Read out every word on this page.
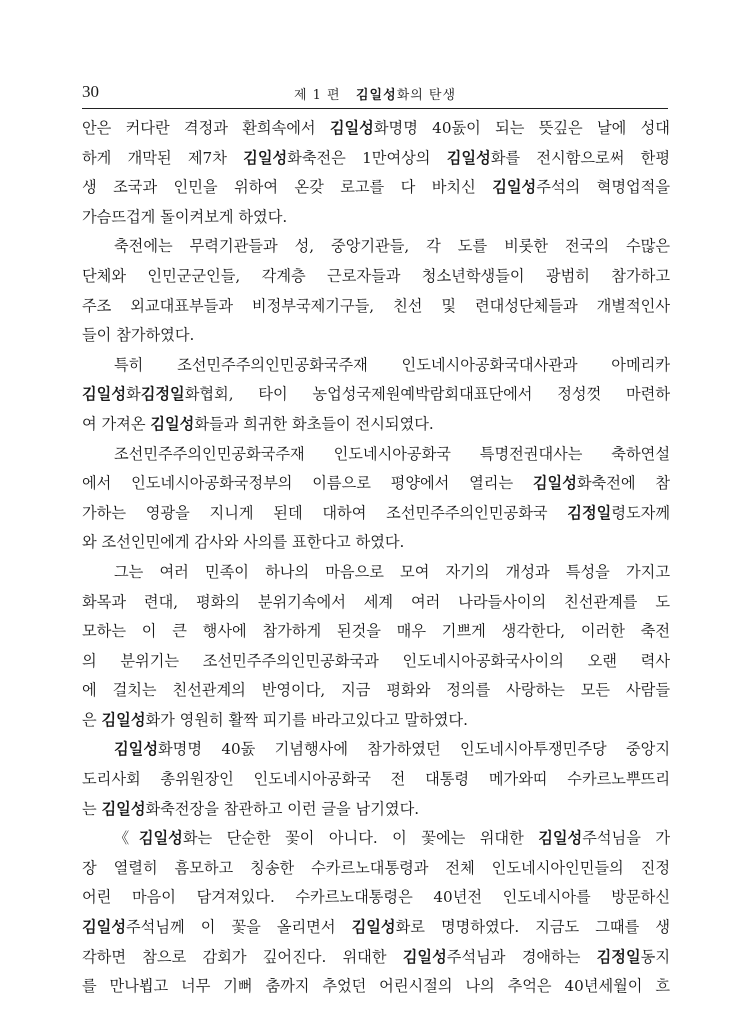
30	제 1 편 김일성화의 탄생
안은 커다란 격정과 환희속에서 김일성화명명 40돐이 되는 뜻깊은 날에 성대
하게 개막된 제7차 김일성화축전은 1만여상의 김일성화를 전시함으로써 한평
생 조국과 인민을 위하여 온갖 로고를 다 바치신 김일성주석의 혁명업적을
가슴뜨겁게 돌이켜보게 하였다.
축전에는 무력기관들과 성, 중앙기관들, 각 도를 비롯한 전국의 수많은
단체와 인민군군인들, 각계층 근로자들과 청소년학생들이 광범히 참가하고
주조 외교대표부들과 비정부국제기구들, 친선 및 련대성단체들과 개별적인사
들이 참가하였다.
특히 조선민주주의인민공화국주재 인도네시아공화국대사관과 아메리카
김일성화김정일화협회, 타이 농업성국제원예박람회대표단에서 정성껏 마련하
여 가져온 김일성화들과 희귀한 화초들이 전시되였다.
조선민주주의인민공화국주재 인도네시아공화국 특명전권대사는 축하연설
에서 인도네시아공화국정부의 이름으로 평양에서 열리는 김일성화축전에 참
가하는 영광을 지니게 된데 대하여 조선민주주의인민공화국 김정일령도자께
와 조선인민에게 감사와 사의를 표한다고 하였다.
그는 여러 민족이 하나의 마음으로 모여 자기의 개성과 특성을 가지고
화목과 련대, 평화의 분위기속에서 세계 여러 나라들사이의 친선관계를 도
모하는 이 큰 행사에 참가하게 된것을 매우 기쁘게 생각한다, 이러한 축전
의 분위기는 조선민주주의인민공화국과 인도네시아공화국사이의 오랜 력사
에 걸치는 친선관계의 반영이다, 지금 평화와 정의를 사랑하는 모든 사람들
은 김일성화가 영원히 활짝 피기를 바라고있다고 말하였다.
김일성화명명 40돐 기념행사에 참가하였던 인도네시아투쟁민주당 중앙지
도리사회 총위원장인 인도네시아공화국 전 대통령 메가와띠 수카르노뿌뜨리
는 김일성화축전장을 참관하고 이런 글을 남기였다.
《김일성화는 단순한 꽃이 아니다. 이 꽃에는 위대한 김일성주석님을 가
장 열렬히 흠모하고 칭송한 수카르노대통령과 전체 인도네시아인민들의 진정
어린 마음이 담겨져있다. 수카르노대통령은 40년전 인도네시아를 방문하신
김일성주석님께 이 꽃을 올리면서 김일성화로 명명하였다. 지금도 그때를 생
각하면 참으로 감회가 깊어진다. 위대한 김일성주석님과 경애하는 김정일동지
를 만나뵙고 너무 기뻐 춤까지 추었던 어린시절의 나의 추억은 40년세월이 흐
